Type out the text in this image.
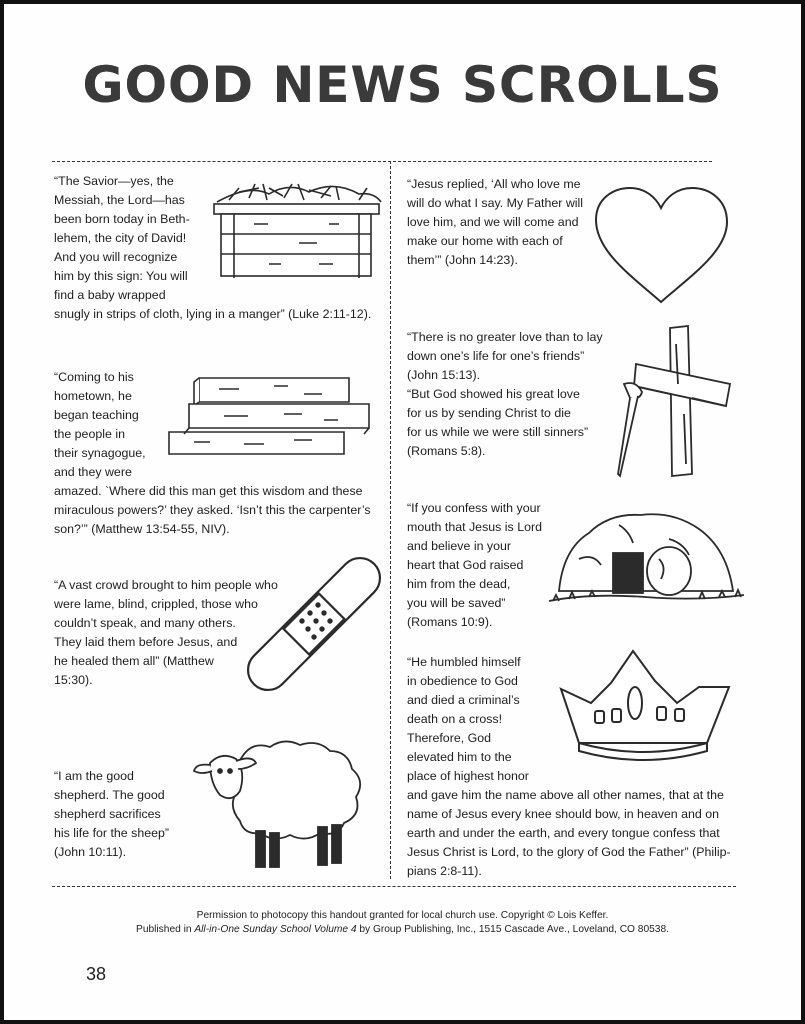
GOOD NEWS SCROLLS
“The Savior—yes, the
Messiah, the Lord—has
been born today in Beth-
lehem, the city of David!
And you will recognize
him by this sign: You will
find a baby wrapped
snugly in strips of cloth, lying in a manger” (Luke 2:11-12).
“Coming to his
hometown, he
began teaching
the people in
their synagogue,
and they were
amazed. `Where did this man get this wisdom and these
miraculous powers?’ they asked. ‘Isn’t this the carpenter’s
son?’” (Matthew 13:54-55, NIV).
“A vast crowd brought to him people who
were lame, blind, crippled, those who
couldn’t speak, and many others.
They laid them before Jesus, and
he healed them all” (Matthew
15:30).
“I am the good
shepherd. The good
shepherd sacrifices
his life for the sheep”
(John 10:11).
“Jesus replied, ‘All who love me
will do what I say. My Father will
love him, and we will come and
make our home with each of
them’” (John 14:23).
“There is no greater love than to lay
down one’s life for one’s friends”
(John 15:13).
“But God showed his great love
for us by sending Christ to die
for us while we were still sinners”
(Romans 5:8).
“If you confess with your
mouth that Jesus is Lord
and believe in your
heart that God raised
him from the dead,
you will be saved”
(Romans 10:9).
“He humbled himself
in obedience to God
and died a criminal’s
death on a cross!
Therefore, God
elevated him to the
place of highest honor
and gave him the name above all other names, that at the
name of Jesus every knee should bow, in heaven and on
earth and under the earth, and every tongue confess that
Jesus Christ is Lord, to the glory of God the Father” (Philip-
pians 2:8-11).
Permission to photocopy this handout granted for local church use. Copyright © Lois Keffer.
Published in All-in-One Sunday School Volume 4 by Group Publishing, Inc., 1515 Cascade Ave., Loveland, CO 80538.
38
